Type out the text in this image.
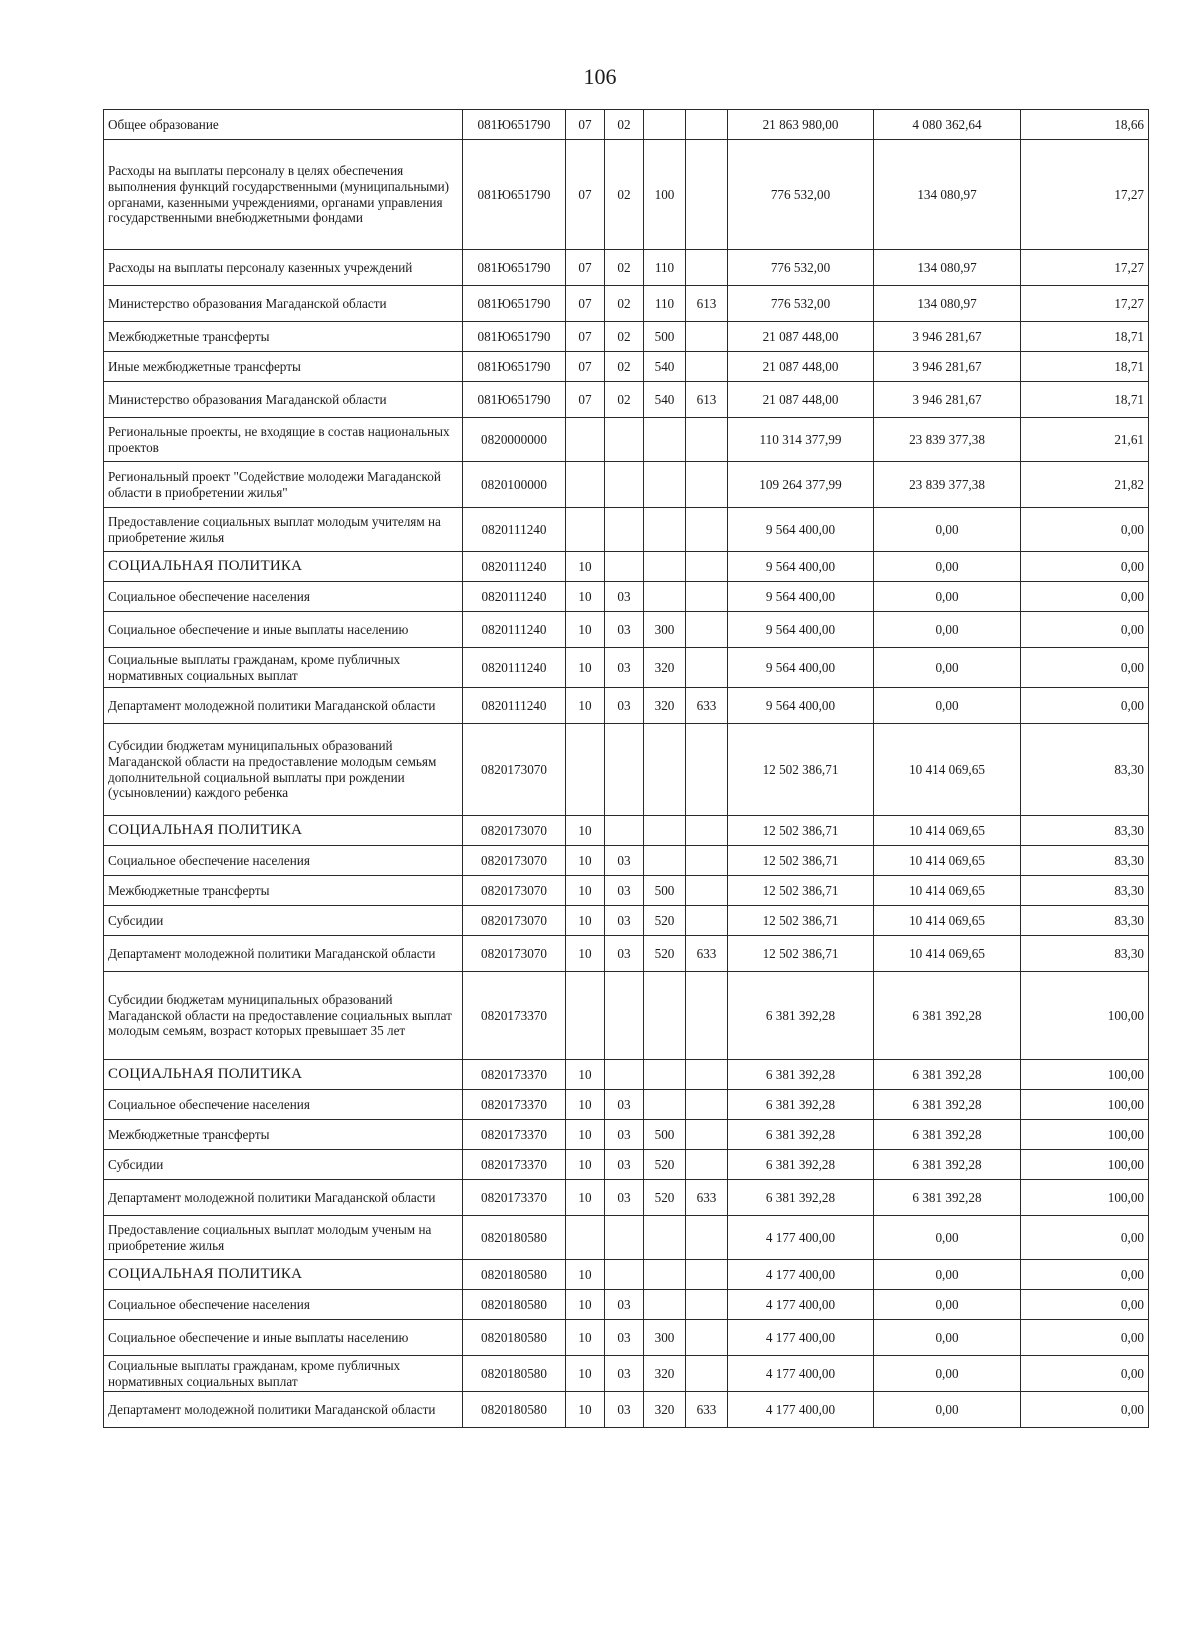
106
Общее образование	081Ю651790	07	02			21 863 980,00	4 080 362,64	18,66
Расходы на выплаты персоналу в целях обеспечения выполнения функций государственными (муниципальными) органами, казенными учреждениями, органами управления государственными внебюджетными фондами	081Ю651790	07	02	100		776 532,00	134 080,97	17,27
Расходы на выплаты персоналу казенных учреждений	081Ю651790	07	02	110		776 532,00	134 080,97	17,27
Министерство образования Магаданской области	081Ю651790	07	02	110	613	776 532,00	134 080,97	17,27
Межбюджетные трансферты	081Ю651790	07	02	500		21 087 448,00	3 946 281,67	18,71
Иные межбюджетные трансферты	081Ю651790	07	02	540		21 087 448,00	3 946 281,67	18,71
Министерство образования Магаданской области	081Ю651790	07	02	540	613	21 087 448,00	3 946 281,67	18,71
Региональные проекты, не входящие в состав национальных проектов	0820000000					110 314 377,99	23 839 377,38	21,61
Региональный проект "Содействие молодежи Магаданской области в приобретении жилья"	0820100000					109 264 377,99	23 839 377,38	21,82
Предоставление социальных выплат молодым учителям на приобретение жилья	0820111240					9 564 400,00	0,00	0,00
СОЦИАЛЬНАЯ ПОЛИТИКА	0820111240	10				9 564 400,00	0,00	0,00
Социальное обеспечение населения	0820111240	10	03			9 564 400,00	0,00	0,00
Социальное обеспечение и иные выплаты населению	0820111240	10	03	300		9 564 400,00	0,00	0,00
Социальные выплаты гражданам, кроме публичных нормативных социальных выплат	0820111240	10	03	320		9 564 400,00	0,00	0,00
Департамент молодежной политики Магаданской области	0820111240	10	03	320	633	9 564 400,00	0,00	0,00
Субсидии бюджетам муниципальных образований Магаданской области на предоставление молодым семьям дополнительной социальной выплаты при рождении (усыновлении) каждого ребенка	0820173070					12 502 386,71	10 414 069,65	83,30
СОЦИАЛЬНАЯ ПОЛИТИКА	0820173070	10				12 502 386,71	10 414 069,65	83,30
Социальное обеспечение населения	0820173070	10	03			12 502 386,71	10 414 069,65	83,30
Межбюджетные трансферты	0820173070	10	03	500		12 502 386,71	10 414 069,65	83,30
Субсидии	0820173070	10	03	520		12 502 386,71	10 414 069,65	83,30
Департамент молодежной политики Магаданской области	0820173070	10	03	520	633	12 502 386,71	10 414 069,65	83,30
Субсидии бюджетам муниципальных образований Магаданской области на предоставление социальных выплат молодым семьям, возраст которых превышает 35 лет	0820173370					6 381 392,28	6 381 392,28	100,00
СОЦИАЛЬНАЯ ПОЛИТИКА	0820173370	10				6 381 392,28	6 381 392,28	100,00
Социальное обеспечение населения	0820173370	10	03			6 381 392,28	6 381 392,28	100,00
Межбюджетные трансферты	0820173370	10	03	500		6 381 392,28	6 381 392,28	100,00
Субсидии	0820173370	10	03	520		6 381 392,28	6 381 392,28	100,00
Департамент молодежной политики Магаданской области	0820173370	10	03	520	633	6 381 392,28	6 381 392,28	100,00
Предоставление социальных выплат молодым ученым на приобретение жилья	0820180580					4 177 400,00	0,00	0,00
СОЦИАЛЬНАЯ ПОЛИТИКА	0820180580	10				4 177 400,00	0,00	0,00
Социальное обеспечение населения	0820180580	10	03			4 177 400,00	0,00	0,00
Социальное обеспечение и иные выплаты населению	0820180580	10	03	300		4 177 400,00	0,00	0,00
Социальные выплаты гражданам, кроме публичных нормативных социальных выплат	0820180580	10	03	320		4 177 400,00	0,00	0,00
Департамент молодежной политики Магаданской области	0820180580	10	03	320	633	4 177 400,00	0,00	0,00
